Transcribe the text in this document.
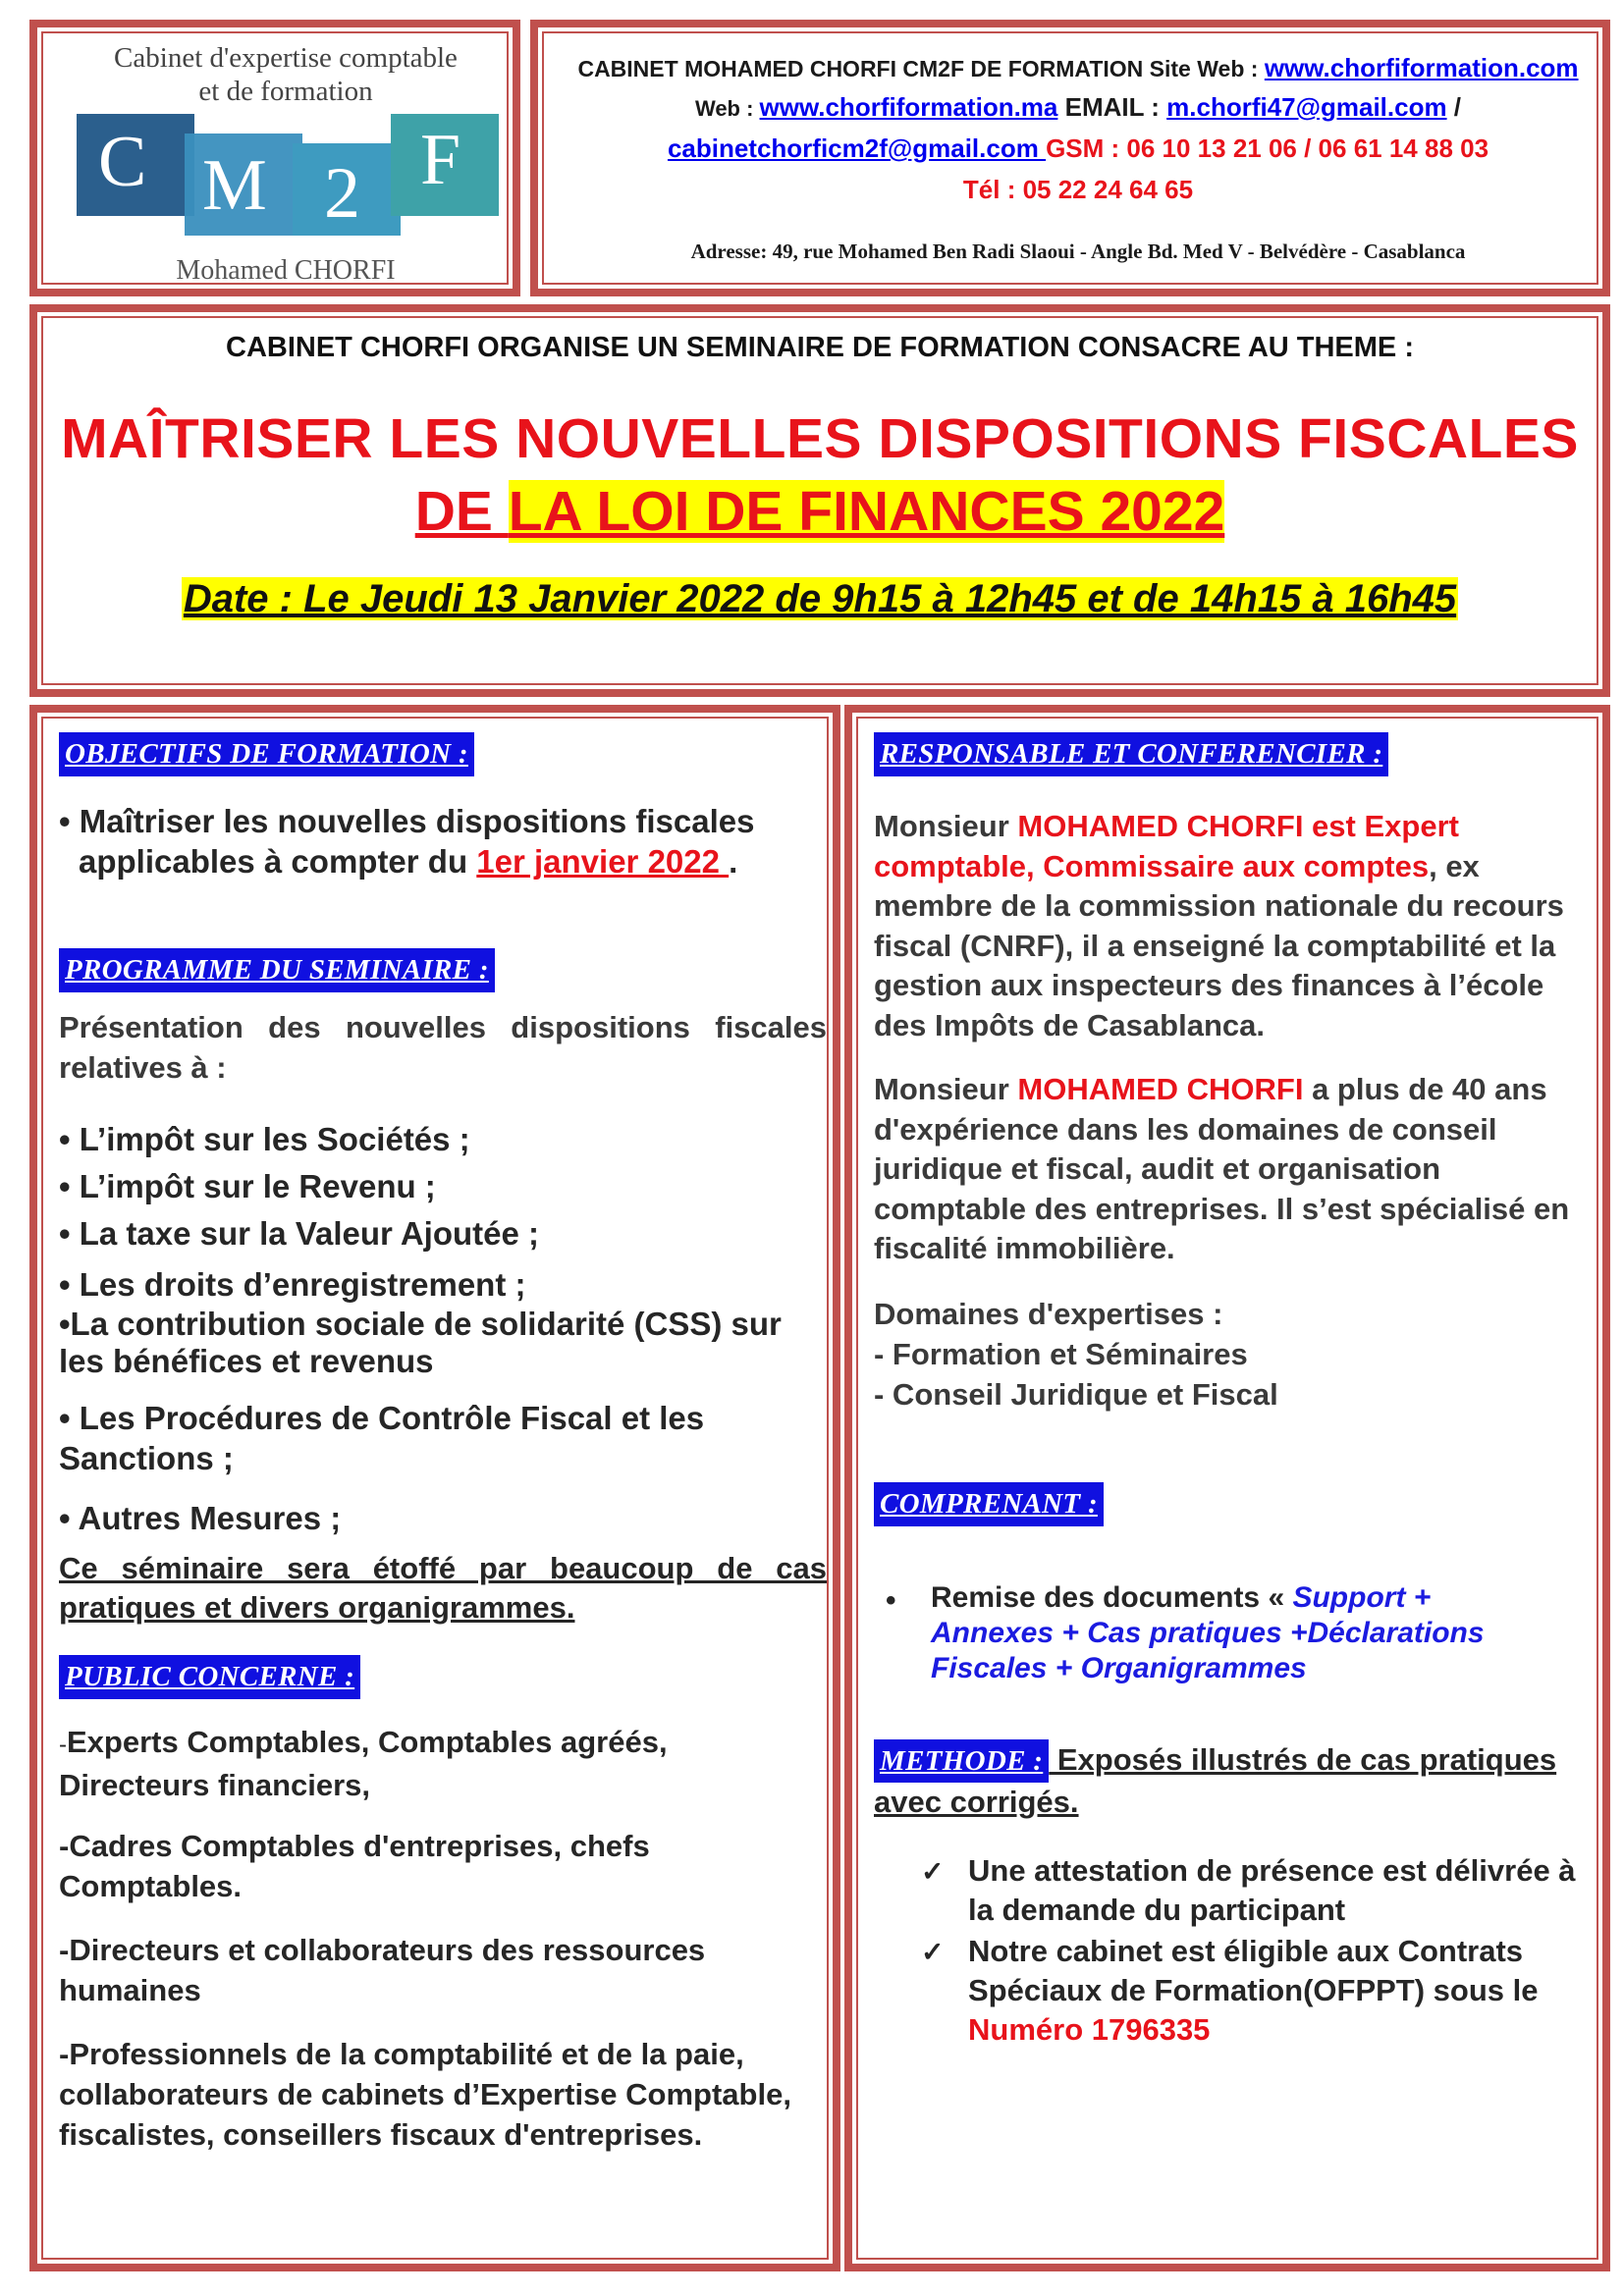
Cabinet d'expertise comptable
et de formation
C M 2 F
Mohamed CHORFI
CABINET MOHAMED CHORFI CM2F DE FORMATION Site Web : www.chorfiformation.com
Web : www.chorfiformation.ma EMAIL : m.chorfi47@gmail.com /
cabinetchorficm2f@gmail.com GSM : 06 10 13 21 06 / 06 61 14 88 03
Tél : 05 22 24 64 65
Adresse: 49, rue Mohamed Ben Radi Slaoui - Angle Bd. Med V - Belvédère - Casablanca
CABINET CHORFI ORGANISE UN SEMINAIRE DE FORMATION CONSACRE AU THEME :
MAÎTRISER LES NOUVELLES DISPOSITIONS FISCALES
DE LA LOI DE FINANCES 2022
Date : Le Jeudi 13 Janvier 2022 de 9h15 à 12h45 et de 14h15 à 16h45
OBJECTIFS DE FORMATION :
• Maîtriser les nouvelles dispositions fiscales
applicables à compter du 1er janvier 2022 .
PROGRAMME DU SEMINAIRE :
Présentation des nouvelles dispositions fiscales relatives à :
• L’impôt sur les Sociétés ;
• L’impôt sur le Revenu ;
• La taxe sur la Valeur Ajoutée ;
• Les droits d’enregistrement ;
•La contribution sociale de solidarité (CSS) sur les bénéfices et revenus
• Les Procédures de Contrôle Fiscal et les Sanctions ;
• Autres Mesures ;
Ce séminaire sera étoffé par beaucoup de cas pratiques et divers organigrammes.
PUBLIC CONCERNE :
-Experts Comptables, Comptables agréés, Directeurs financiers,
-Cadres Comptables d'entreprises, chefs Comptables.
-Directeurs et collaborateurs des ressources humaines
-Professionnels de la comptabilité et de la paie, collaborateurs de cabinets d’Expertise Comptable, fiscalistes, conseillers fiscaux d'entreprises.
RESPONSABLE ET CONFERENCIER :
Monsieur MOHAMED CHORFI est Expert comptable, Commissaire aux comptes, ex membre de la commission nationale du recours fiscal (CNRF), il a enseigné la comptabilité et la gestion aux inspecteurs des finances à l’école des Impôts de Casablanca.
Monsieur MOHAMED CHORFI a plus de 40 ans d'expérience dans les domaines de conseil juridique et fiscal, audit et organisation comptable des entreprises. Il s’est spécialisé en fiscalité immobilière.
Domaines d'expertises :
- Formation et Séminaires
- Conseil Juridique et Fiscal
COMPRENANT :
• Remise des documents « Support + Annexes + Cas pratiques +Déclarations Fiscales + Organigrammes
METHODE : Exposés illustrés de cas pratiques avec corrigés.
✓ Une attestation de présence est délivrée à la demande du participant
✓ Notre cabinet est éligible aux Contrats Spéciaux de Formation(OFPPT) sous le
Numéro 1796335
